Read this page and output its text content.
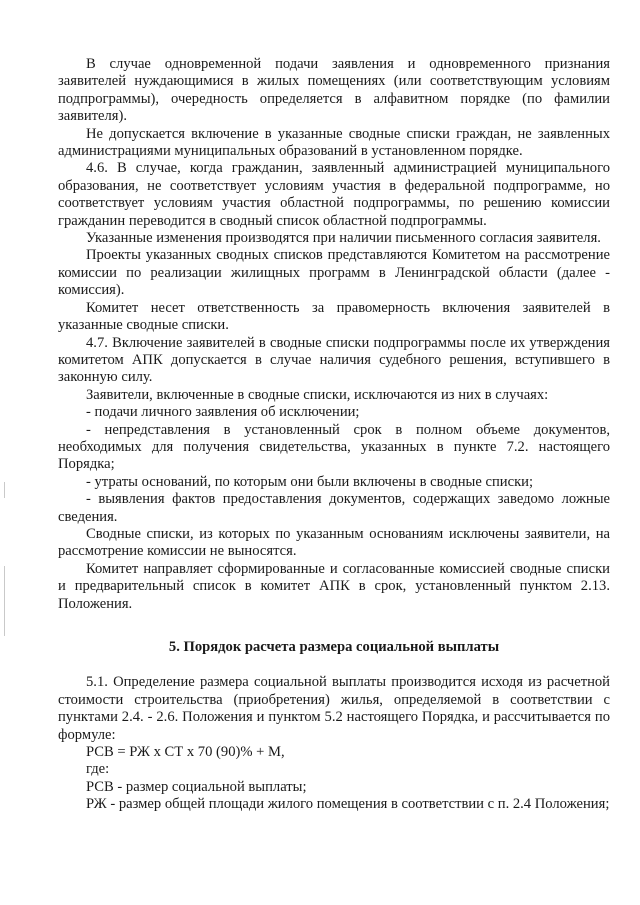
В случае одновременной подачи заявления и одновременного признания заявителей нуждающимися в жилых помещениях (или соответствующим условиям подпрограммы), очередность определяется в алфавитном порядке (по фамилии заявителя).

Не допускается включение в указанные сводные списки граждан, не заявленных администрациями муниципальных образований в установленном порядке.

4.6. В случае, когда гражданин, заявленный администрацией муниципального образования, не соответствует условиям участия в федеральной подпрограмме, но соответствует условиям участия областной подпрограммы, по решению комиссии гражданин переводится в сводный список областной подпрограммы.

Указанные изменения производятся при наличии письменного согласия заявителя.

Проекты указанных сводных списков представляются Комитетом на рассмотрение комиссии по реализации жилищных программ в Ленинградской области (далее - комиссия).

Комитет несет ответственность за правомерность включения заявителей в указанные сводные списки.

4.7. Включение заявителей в сводные списки подпрограммы после их утверждения комитетом АПК допускается в случае наличия судебного решения, вступившего в законную силу.

Заявители, включенные в сводные списки, исключаются из них в случаях:

- подачи личного заявления об исключении;

- непредставления в установленный срок в полном объеме документов, необходимых для получения свидетельства, указанных в пункте 7.2. настоящего Порядка;

- утраты оснований, по которым они были включены в сводные списки;

- выявления фактов предоставления документов, содержащих заведомо ложные сведения.

Сводные списки, из которых по указанным основаниям исключены заявители, на рассмотрение комиссии не выносятся.

Комитет направляет сформированные и согласованные комиссией сводные списки и предварительный список в комитет АПК в срок, установленный пунктом 2.13. Положения.

5. Порядок расчета размера социальной выплаты

5.1. Определение размера социальной выплаты производится исходя из расчетной стоимости строительства (приобретения) жилья, определяемой в соответствии с пунктами 2.4. - 2.6. Положения и пунктом 5.2 настоящего Порядка, и рассчитывается по формуле:

РСВ = РЖ х СТ х 70 (90)% + М,

где:

РСВ - размер социальной выплаты;

РЖ - размер общей площади жилого помещения в соответствии с п. 2.4 Положения;
